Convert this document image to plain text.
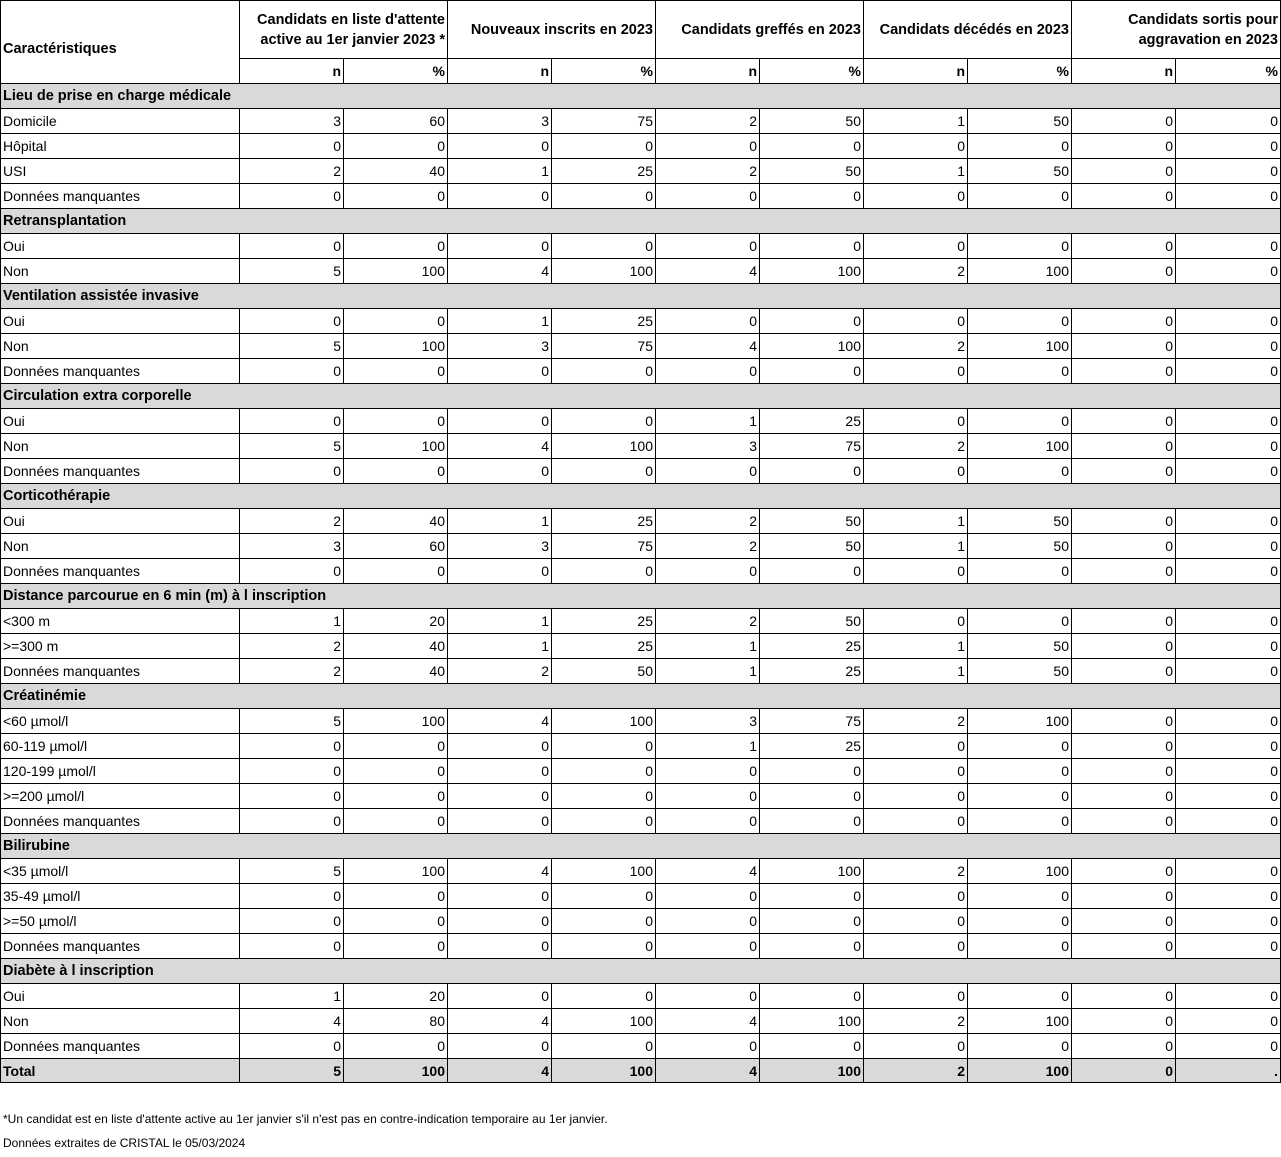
Caractéristiques	Candidats en liste d'attente active au 1er janvier 2023 *		Nouveaux inscrits en 2023		Candidats greffés en 2023		Candidats décédés en 2023		Candidats sortis pour aggravation en 2023	
	n	%	n	%	n	%	n	%	n	%
Lieu de prise en charge médicale										
Domicile	3	60	3	75	2	50	1	50	0	0
Hôpital	0	0	0	0	0	0	0	0	0	0
USI	2	40	1	25	2	50	1	50	0	0
Données manquantes	0	0	0	0	0	0	0	0	0	0
Retransplantation										
Oui	0	0	0	0	0	0	0	0	0	0
Non	5	100	4	100	4	100	2	100	0	0
Ventilation assistée invasive										
Oui	0	0	1	25	0	0	0	0	0	0
Non	5	100	3	75	4	100	2	100	0	0
Données manquantes	0	0	0	0	0	0	0	0	0	0
Circulation extra corporelle										
Oui	0	0	0	0	1	25	0	0	0	0
Non	5	100	4	100	3	75	2	100	0	0
Données manquantes	0	0	0	0	0	0	0	0	0	0
Corticothérapie										
Oui	2	40	1	25	2	50	1	50	0	0
Non	3	60	3	75	2	50	1	50	0	0
Données manquantes	0	0	0	0	0	0	0	0	0	0
Distance parcourue en 6 min (m) à l inscription										
<300 m	1	20	1	25	2	50	0	0	0	0
>=300 m	2	40	1	25	1	25	1	50	0	0
Données manquantes	2	40	2	50	1	25	1	50	0	0
Créatinémie										
<60 µmol/l	5	100	4	100	3	75	2	100	0	0
60-119 µmol/l	0	0	0	0	1	25	0	0	0	0
120-199 µmol/l	0	0	0	0	0	0	0	0	0	0
>=200 µmol/l	0	0	0	0	0	0	0	0	0	0
Données manquantes	0	0	0	0	0	0	0	0	0	0
Bilirubine										
<35 µmol/l	5	100	4	100	4	100	2	100	0	0
35-49 µmol/l	0	0	0	0	0	0	0	0	0	0
>=50 µmol/l	0	0	0	0	0	0	0	0	0	0
Données manquantes	0	0	0	0	0	0	0	0	0	0
Diabète à l inscription										
Oui	1	20	0	0	0	0	0	0	0	0
Non	4	80	4	100	4	100	2	100	0	0
Données manquantes	0	0	0	0	0	0	0	0	0	0
Total	5	100	4	100	4	100	2	100	0	.
*Un candidat est en liste d'attente active au 1er janvier s'il n'est pas en contre-indication temporaire au 1er janvier.
Données extraites de CRISTAL le 05/03/2024
